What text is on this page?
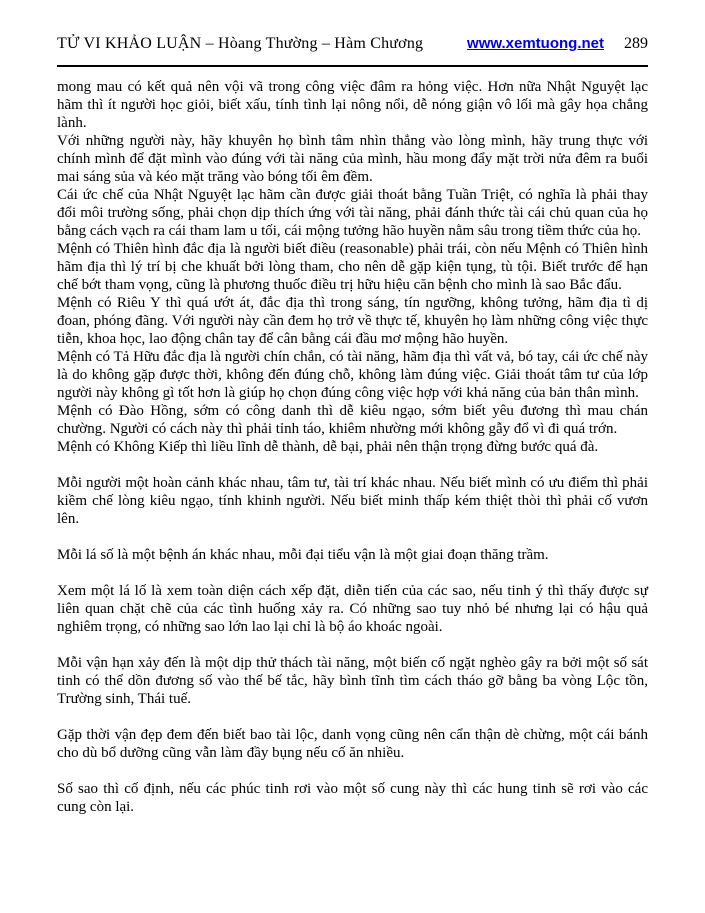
TỬ VI KHẢO LUẬN – Hòang Thường – Hàm Chương	www.xemtuong.net 289

mong mau có kết quả nên vội vã trong công việc đâm ra hỏng việc. Hơn nữa Nhật Nguyệt lạc hãm thì ít người học giỏi, biết xấu, tính tình lại nông nổi, dễ nóng giận vô lối mà gây họa chẳng lành.

Với những người này, hãy khuyên họ bình tâm nhìn thẳng vào lòng mình, hãy trung thực với chính mình để đặt mình vào đúng với tài năng của mình, hầu mong đẩy mặt trời nửa đêm ra buổi mai sáng sủa và kéo mặt trăng vào bóng tối êm đềm.

Cái ức chế của Nhật Nguyệt lạc hãm cần được giải thoát bằng Tuần Triệt, có nghĩa là phải thay đổi môi trường sống, phải chọn dịp thích ứng với tài năng, phải đánh thức tài cái chủ quan của họ bằng cách vạch ra cái tham lam u tối, cái mộng tưởng hão huyền nằm sâu trong tiềm thức của họ.

Mệnh có Thiên hình đắc địa là người biết điều (reasonable) phải trái, còn nếu Mệnh có Thiên hình hãm địa thì lý trí bị che khuất bởi lòng tham, cho nên dễ gặp kiện tụng, tù tội. Biết trước để hạn chế bớt tham vọng, cũng là phương thuốc điều trị hữu hiệu căn bệnh cho mình là sao Bắc đẩu.

Mệnh có Riêu Y thì quá ướt át, đắc địa thì trong sáng, tín ngưỡng, không tưởng, hãm địa tì dị đoan, phóng đãng. Với người này cần đem họ trở về thực tế, khuyên họ làm những công việc thực tiễn, khoa học, lao động chân tay để cân bằng cái đầu mơ mộng hão huyền.

Mệnh có Tả Hữu đắc địa là người chín chắn, có tài năng, hãm địa thì vất vả, bó tay, cái ức chế này là do không gặp được thời, không đến đúng chỗ, không làm đúng việc. Giải thoát tâm tư của lớp người này không gì tốt hơn là giúp họ chọn đúng công việc hợp với khả năng của bản thân mình.

Mệnh có Đào Hồng, sớm có công danh thì dễ kiêu ngạo, sớm biết yêu đương thì mau chán chường. Người có cách này thì phải tỉnh táo, khiêm nhường mới không gẫy đổ vì đi quá trớn.

Mệnh có Không Kiếp thì liều lĩnh dễ thành, dễ bại, phải nên thận trọng đừng bước quá đà.

Mỗi người một hoàn cảnh khác nhau, tâm tư, tài trí khác nhau. Nếu biết mình có ưu điểm thì phải kiềm chế lòng kiêu ngạo, tính khinh người. Nếu biết minh thấp kém thiệt thòi thì phải cố vươn lên.

Mỗi lá số là một bệnh án khác nhau, mỗi đại tiểu vận là một giai đoạn thăng trầm.

Xem một lá lố là xem toàn diện cách xếp đặt, diễn tiến của các sao, nếu tinh ý thì thấy được sự liên quan chặt chẽ của các tình huống xảy ra. Có những sao tuy nhỏ bé nhưng lại có hậu quả nghiêm trọng, có những sao lớn lao lại chỉ là bộ áo khoác ngoài.

Mỗi vận hạn xảy đến là một dịp thử thách tài năng, một biến cố ngặt nghèo gây ra bởi một số sát tinh có thể dồn đương số vào thế bế tắc, hãy bình tĩnh tìm cách tháo gỡ bằng ba vòng Lộc tồn, Trường sinh, Thái tuế.

Gặp thời vận đẹp đem đến biết bao tài lộc, danh vọng cũng nên cẩn thận dè chừng, một cái bánh cho dù bổ dưỡng cũng vẫn làm đầy bụng nếu cố ăn nhiều.

Số sao thì cố định, nếu các phúc tinh rơi vào một số cung này thì các hung tinh sẽ rơi vào các cung còn lại.
